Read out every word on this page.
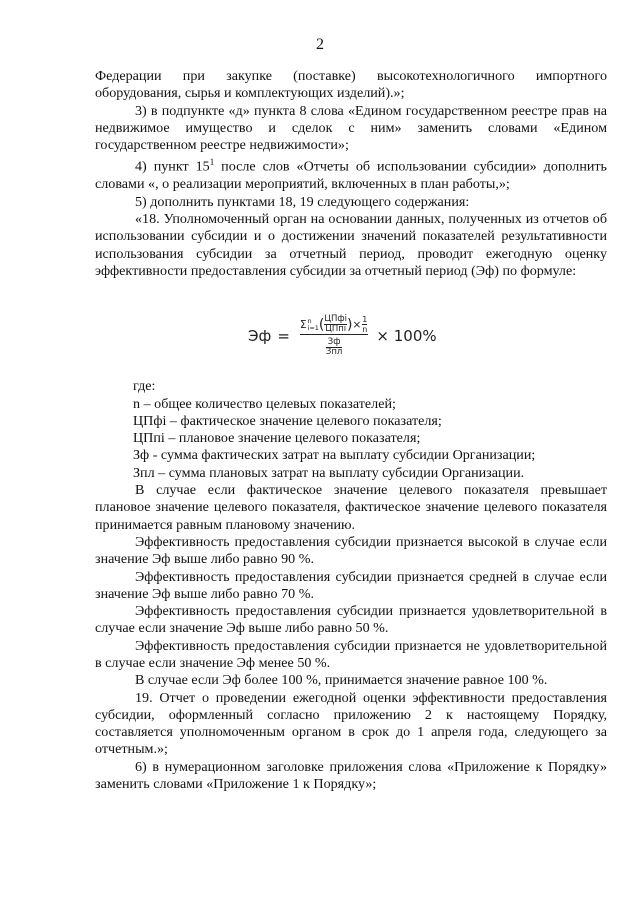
2

Федерации при закупке (поставке) высокотехнологичного импортного оборудования, сырья и комплектующих изделий).»;

3) в подпункте «д» пункта 8 слова «Едином государственном реестре прав на недвижимое имущество и сделок с ним» заменить словами «Едином государственном реестре недвижимости»;

4) пункт $15^1$ после слов «Отчеты об использовании субсидии» дополнить словами «, о реализации мероприятий, включенных в план работы,»;

5) дополнить пунктами 18, 19 следующего содержания:

«18. Уполномоченный орган на основании данных, полученных из отчетов об использовании субсидии и о достижении значений показателей результативности использования субсидии за отчетный период, проводит ежегодную оценку эффективности предоставления субсидии за отчетный период (Эф) по формуле:

Эф =
Σ n
i=1 ( ЦПфi
ЦПпi ) × 1
n
Зф
Зпл
× 100%

где:

n – общее количество целевых показателей;

ЦПфi – фактическое значение целевого показателя;

ЦПпi – плановое значение целевого показателя;

Зф - сумма фактических затрат на выплату субсидии Организации;

Зпл – сумма плановых затрат на выплату субсидии Организации.

В случае если фактическое значение целевого показателя превышает плановое значение целевого показателя, фактическое значение целевого показателя принимается равным плановому значению.

Эффективность предоставления субсидии признается высокой в случае если значение Эф выше либо равно 90 %.

Эффективность предоставления субсидии признается средней в случае если значение Эф выше либо равно 70 %.

Эффективность предоставления субсидии признается удовлетворительной в случае если значение Эф выше либо равно 50 %.

Эффективность предоставления субсидии признается не удовлетворительной в случае если значение Эф менее 50 %.

В случае если Эф более 100 %, принимается значение равное 100 %.

19. Отчет о проведении ежегодной оценки эффективности предоставления субсидии, оформленный согласно приложению 2 к настоящему Порядку, составляется уполномоченным органом в срок до 1 апреля года, следующего за отчетным.»;

6) в нумерационном заголовке приложения слова «Приложение к Порядку» заменить словами «Приложение 1 к Порядку»;
